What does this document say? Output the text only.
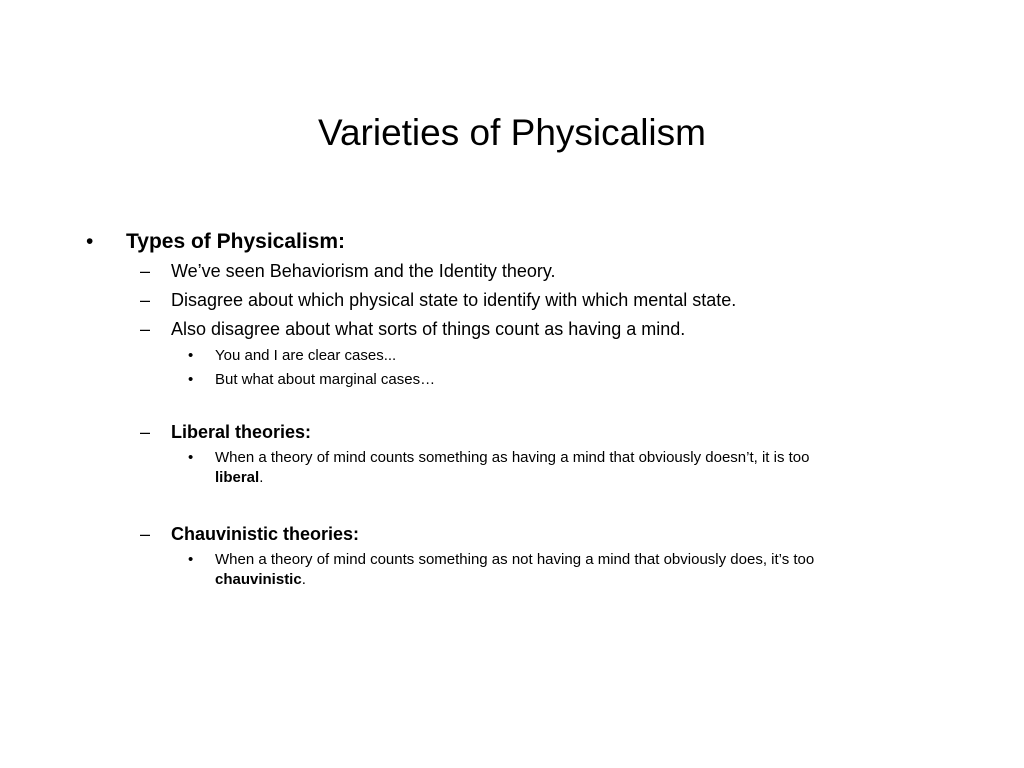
Varieties of Physicalism
• Types of Physicalism:
– We’ve seen Behaviorism and the Identity theory.
– Disagree about which physical state to identify with which mental state.
– Also disagree about what sorts of things count as having a mind.
• You and I are clear cases...
• But what about marginal cases…
– Liberal theories:
• When a theory of mind counts something as having a mind that obviously doesn’t, it is too
liberal.
– Chauvinistic theories:
• When a theory of mind counts something as not having a mind that obviously does, it’s too
chauvinistic.
